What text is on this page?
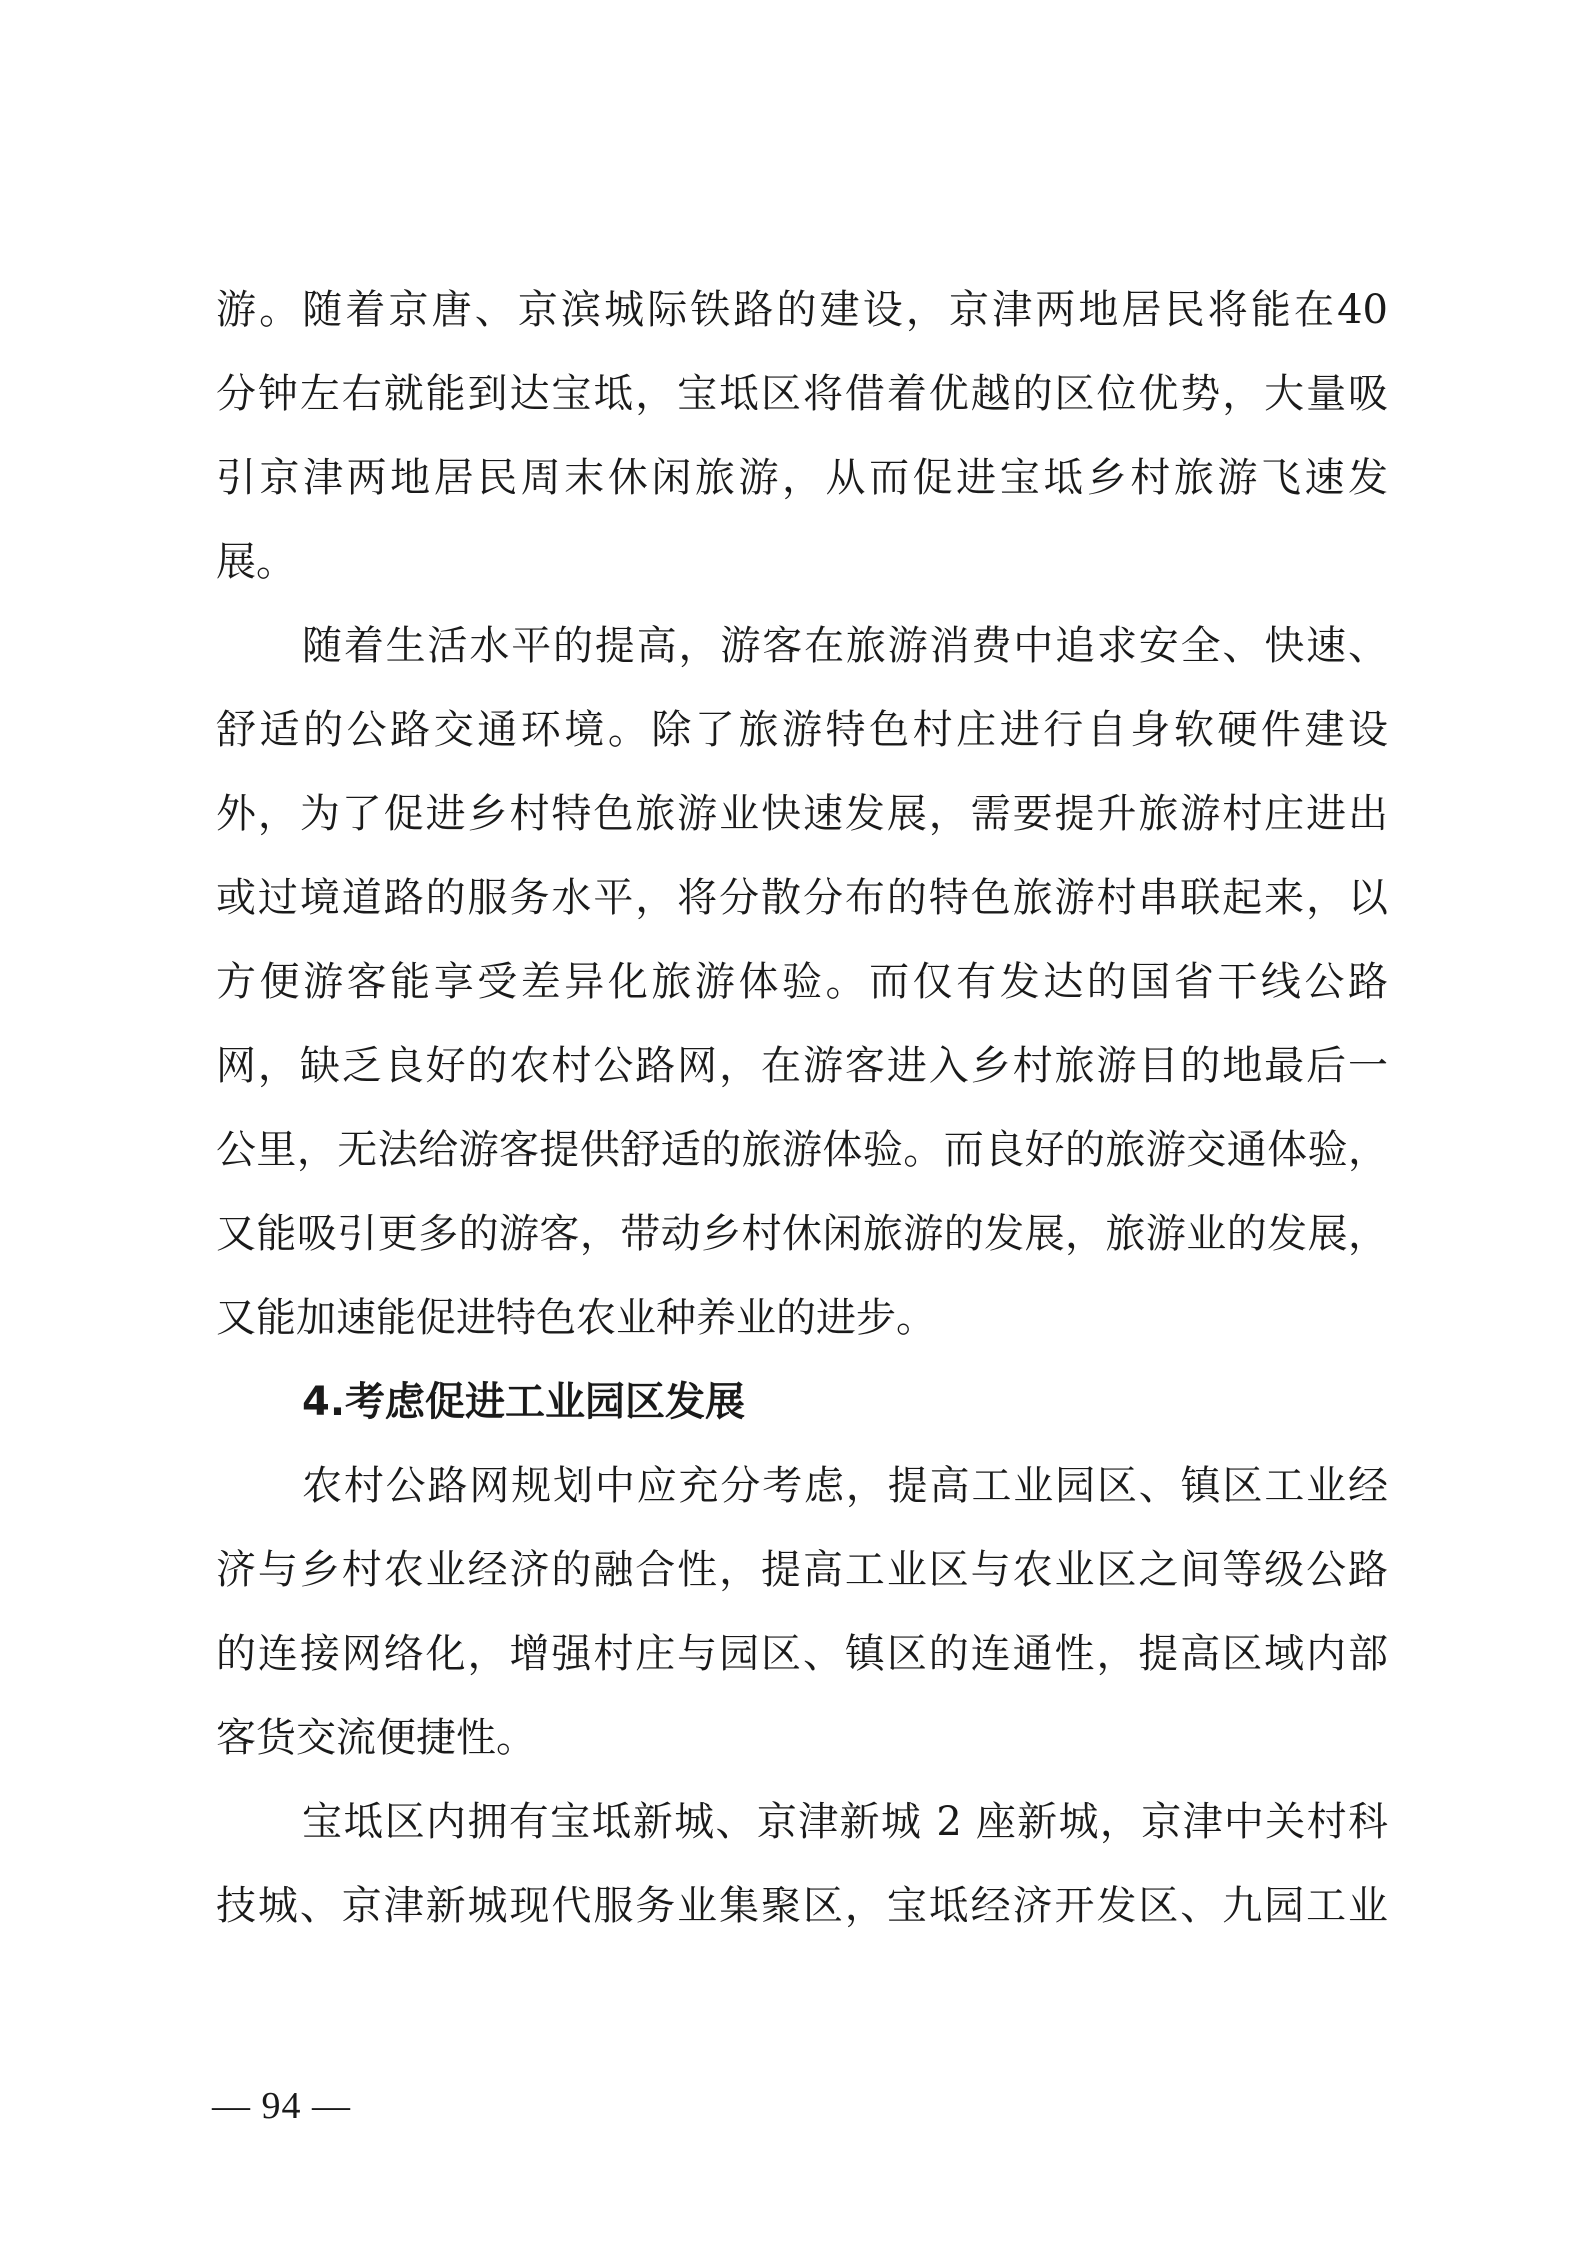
游。随着京唐、京滨城际铁路的建设，京津两地居民将能在40
分钟左右就能到达宝坻，宝坻区将借着优越的区位优势，大量吸
引京津两地居民周末休闲旅游，从而促进宝坻乡村旅游飞速发
展。
随着生活水平的提高，游客在旅游消费中追求安全、快速、
舒适的公路交通环境。除了旅游特色村庄进行自身软硬件建设
外，为了促进乡村特色旅游业快速发展，需要提升旅游村庄进出
或过境道路的服务水平，将分散分布的特色旅游村串联起来，以
方便游客能享受差异化旅游体验。而仅有发达的国省干线公路
网，缺乏良好的农村公路网，在游客进入乡村旅游目的地最后一
公里，无法给游客提供舒适的旅游体验。而良好的旅游交通体验，
又能吸引更多的游客，带动乡村休闲旅游的发展，旅游业的发展，
又能加速能促进特色农业种养业的进步。
4.考虑促进工业园区发展
农村公路网规划中应充分考虑，提高工业园区、镇区工业经
济与乡村农业经济的融合性，提高工业区与农业区之间等级公路
的连接网络化，增强村庄与园区、镇区的连通性，提高区域内部
客货交流便捷性。
宝坻区内拥有宝坻新城、京津新城 2 座新城，京津中关村科
技城、京津新城现代服务业集聚区，宝坻经济开发区、九园工业
— 94 —
